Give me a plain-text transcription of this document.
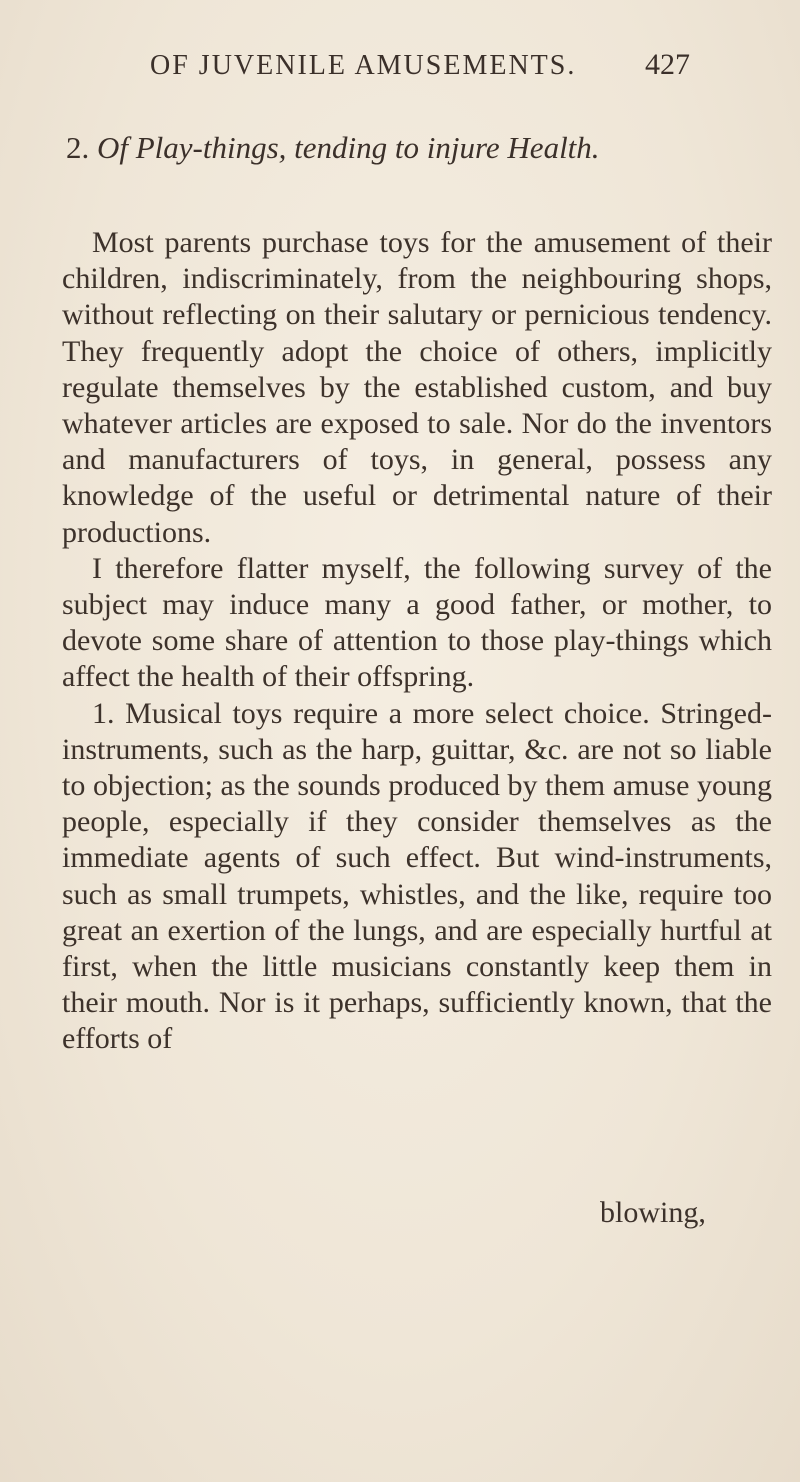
OF JUVENILE AMUSEMENTS. 427
2. Of Play-things, tending to injure Health.

Most parents purchase toys for the amusement of their children, indiscriminately, from the neighbouring shops, without reflecting on their salutary or pernicious tendency. They frequently adopt the choice of others, implicitly regulate themselves by the established custom, and buy whatever articles are exposed to sale. Nor do the inventors and manufacturers of toys, in general, possess any knowledge of the useful or detrimental nature of their productions.

I therefore flatter myself, the following survey of the subject may induce many a good father, or mother, to devote some share of attention to those play-things which affect the health of their offspring.

1. Musical toys require a more select choice. Stringed-instruments, such as the harp, guittar, &c. are not so liable to objection; as the sounds produced by them amuse young people, especially if they consider themselves as the immediate agents of such effect. But wind-instruments, such as small trumpets, whistles, and the like, require too great an exertion of the lungs, and are especially hurtful at first, when the little musicians constantly keep them in their mouth. Nor is it perhaps, sufficiently known, that the efforts of

blowing,
